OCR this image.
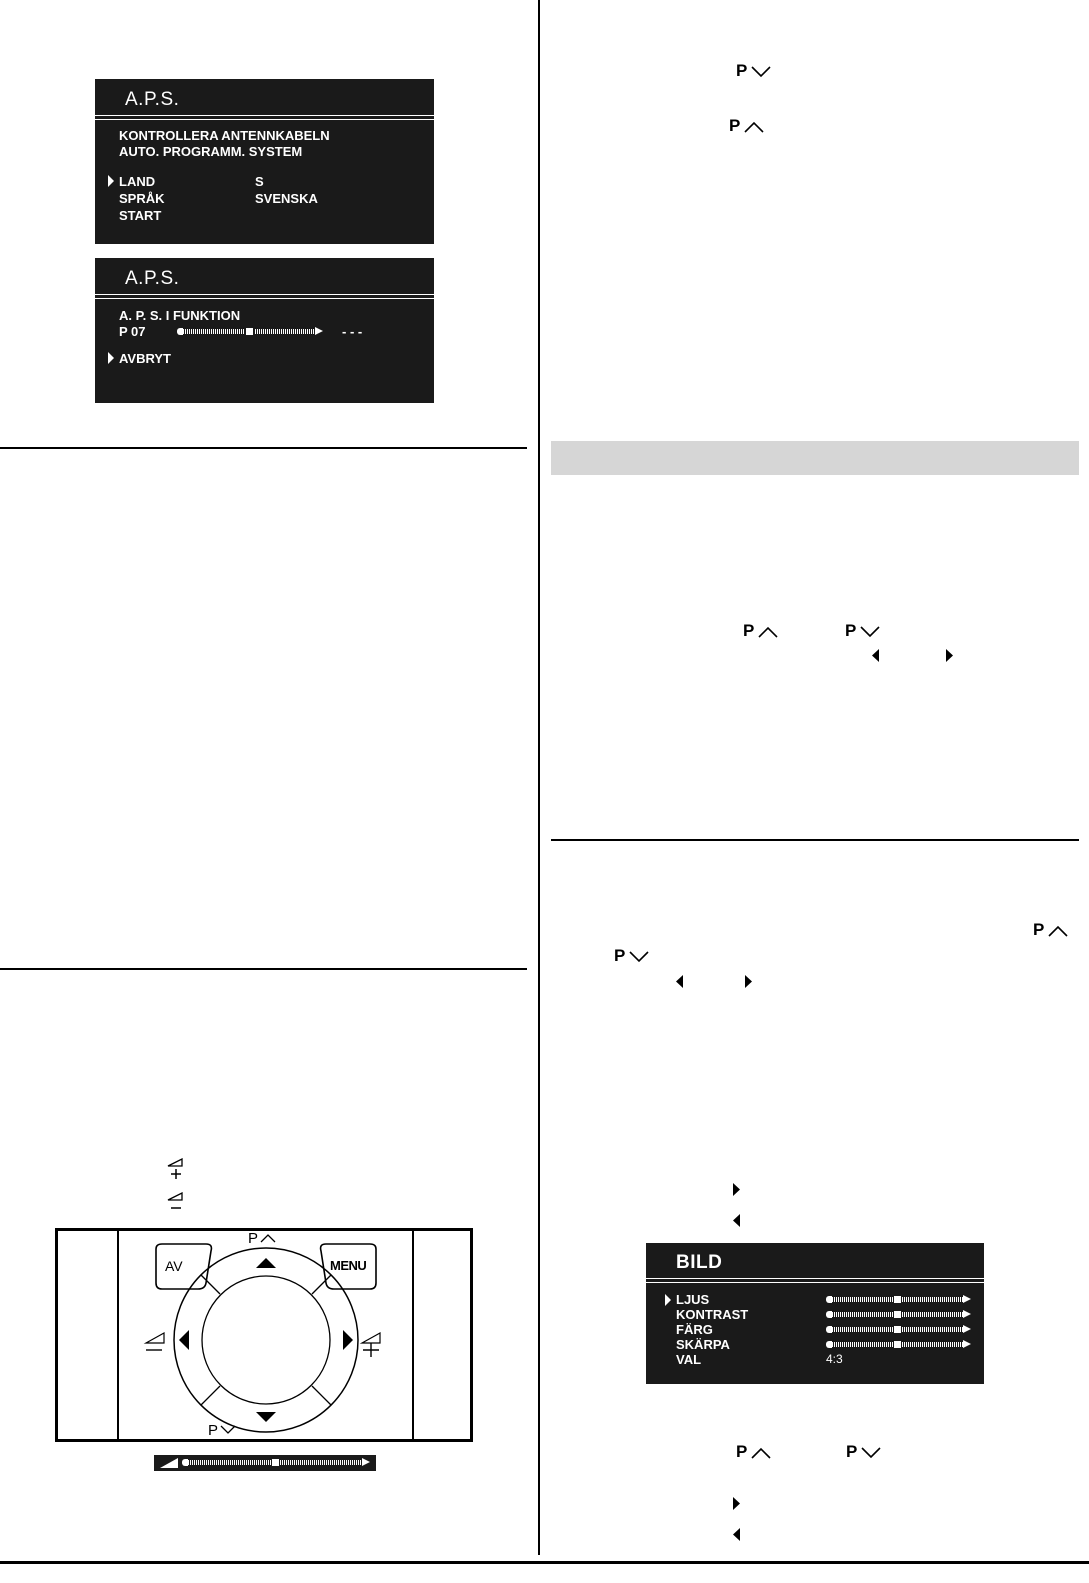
A.P.S.
KONTROLLERA ANTENNKABELN
AUTO. PROGRAMM. SYSTEM
LAND	S
SPRÅK	SVENSKA
START
A.P.S.
A. P. S. I FUNKTION
P 07	- - -
AVBRYT
P
P
P	P
P
P
BILD
LJUS
KONTRAST
FÄRG
SKÄRPA
VAL	4:3
P	P
AV	MENU
P
P
